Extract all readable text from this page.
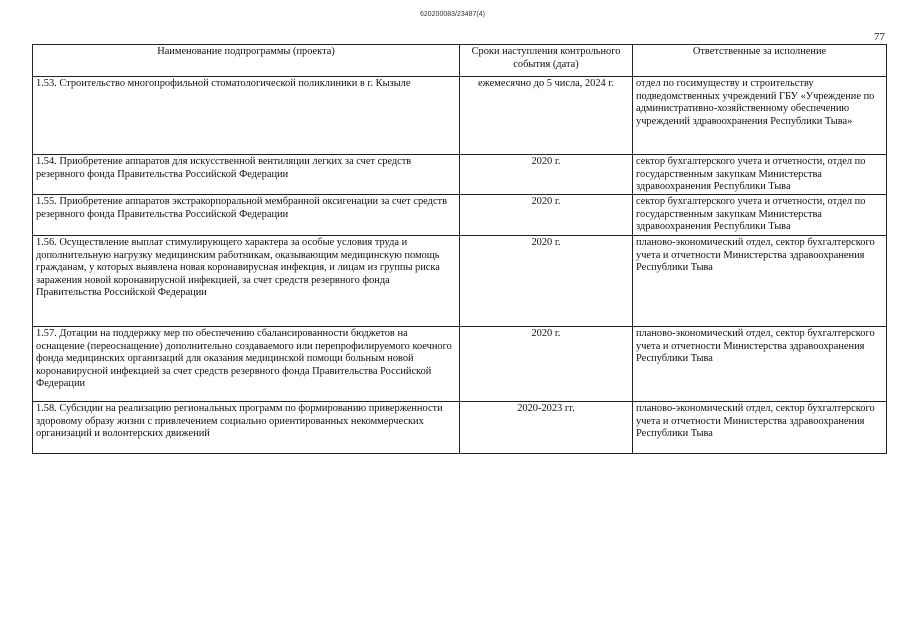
620200083/23487(4)
77
Наименование подпрограммы (проекта)	Сроки наступления контрольного события (дата)	Ответственные за исполнение
1.53. Строительство многопрофильной стоматологической поликлиники в г. Кызыле	ежемесячно до 5 числа, 2024 г.	отдел по госимуществу и строительству подведомственных учреждений ГБУ «Учреждение по административно-хозяйственному обеспечению учреждений здравоохранения Республики Тыва»
1.54. Приобретение аппаратов для искусственной вентиляции легких за счет средств резервного фонда Правительства Российской Федерации	2020 г.	сектор бухгалтерского учета и отчетности, отдел по государственным закупкам Министерства здравоохранения Республики Тыва
1.55. Приобретение аппаратов экстракорпоральной мембранной оксигенации за счет средств резервного фонда Правительства Российской Федерации	2020 г.	сектор бухгалтерского учета и отчетности, отдел по государственным закупкам Министерства здравоохранения Республики Тыва
1.56. Осуществление выплат стимулирующего характера за особые условия труда и дополнительную нагрузку медицинским работникам, оказывающим медицинскую помощь гражданам, у которых выявлена новая коронавирусная инфекция, и лицам из группы риска заражения новой коронавирусной инфекцией, за счет средств резервного фонда Правительства Российской Федерации	2020 г.	планово-экономический отдел, сектор бухгалтерского учета и отчетности Министерства здравоохранения Республики Тыва
1.57. Дотации на поддержку мер по обеспечению сбалансированности бюджетов на оснащение (переоснащение) дополнительно создаваемого или перепрофилируемого коечного фонда медицинских организаций для оказания медицинской помощи больным новой коронавирусной инфекцией за счет средств резервного фонда Правительства Российской Федерации	2020 г.	планово-экономический отдел, сектор бухгалтерского учета и отчетности Министерства здравоохранения Республики Тыва
1.58. Субсидии на реализацию региональных программ по формированию приверженности здоровому образу жизни с привлечением социально ориентированных некоммерческих организаций и волонтерских движений	2020-2023 гг.	планово-экономический отдел, сектор бухгалтерского учета и отчетности Министерства здравоохранения Республики Тыва
